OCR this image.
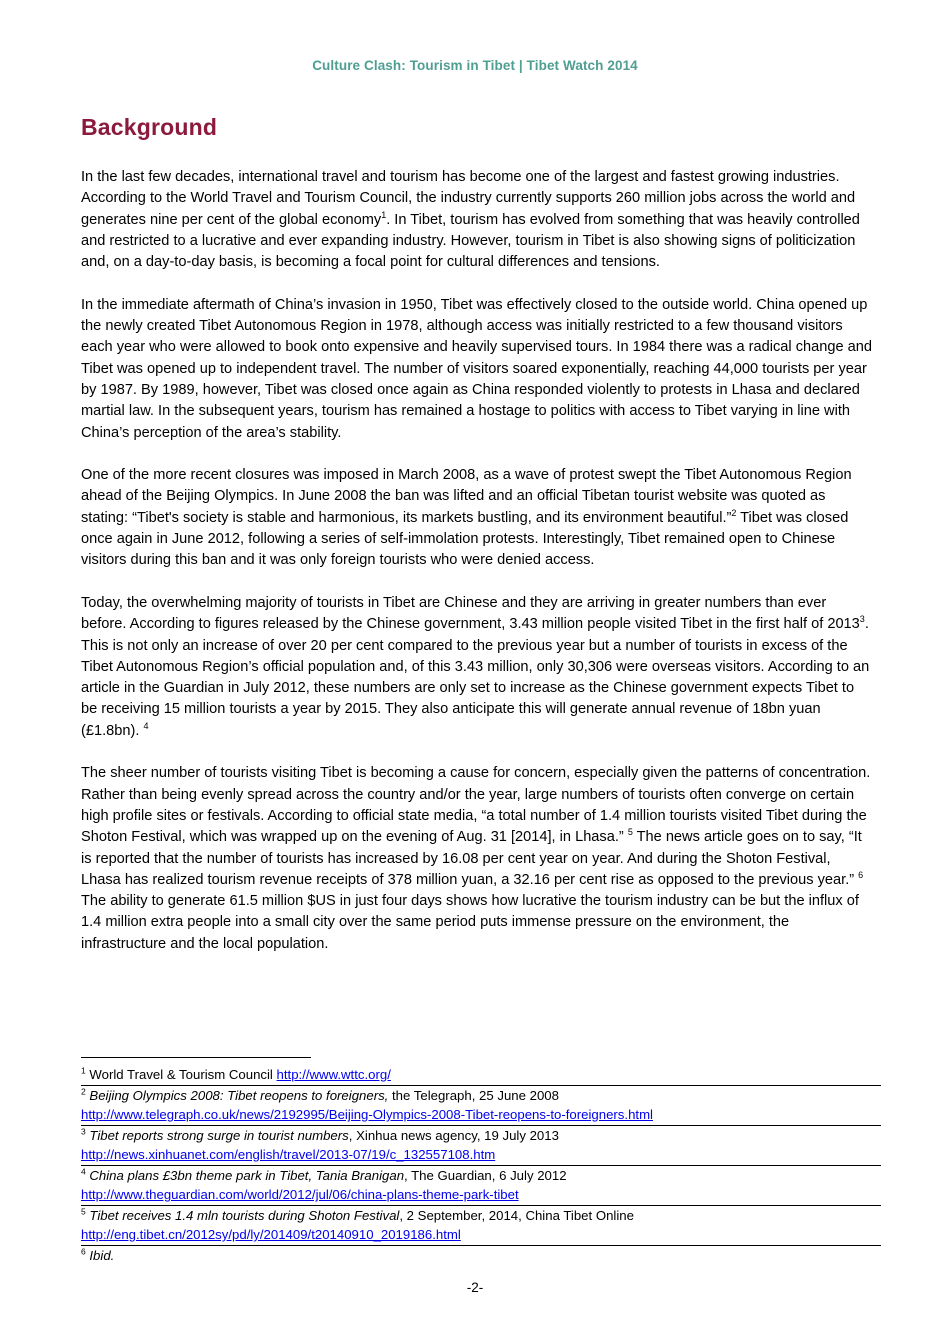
Culture Clash: Tourism in Tibet | Tibet Watch 2014
Background

In the last few decades, international travel and tourism has become one of the largest and fastest growing industries. According to the World Travel and Tourism Council, the industry currently supports 260 million jobs across the world and generates nine per cent of the global economy$^1$. In Tibet, tourism has evolved from something that was heavily controlled and restricted to a lucrative and ever expanding industry. However, tourism in Tibet is also showing signs of politicization and, on a day-to-day basis, is becoming a focal point for cultural differences and tensions.

In the immediate aftermath of China’s invasion in 1950, Tibet was effectively closed to the outside world. China opened up the newly created Tibet Autonomous Region in 1978, although access was initially restricted to a few thousand visitors each year who were allowed to book onto expensive and heavily supervised tours. In 1984 there was a radical change and Tibet was opened up to independent travel. The number of visitors soared exponentially, reaching 44,000 tourists per year by 1987. By 1989, however, Tibet was closed once again as China responded violently to protests in Lhasa and declared martial law. In the subsequent years, tourism has remained a hostage to politics with access to Tibet varying in line with China’s perception of the area’s stability.

One of the more recent closures was imposed in March 2008, as a wave of protest swept the Tibet Autonomous Region ahead of the Beijing Olympics. In June 2008 the ban was lifted and an official Tibetan tourist website was quoted as stating: “Tibet's society is stable and harmonious, its markets bustling, and its environment beautiful.”$^2$ Tibet was closed once again in June 2012, following a series of self-immolation protests. Interestingly, Tibet remained open to Chinese visitors during this ban and it was only foreign tourists who were denied access.

Today, the overwhelming majority of tourists in Tibet are Chinese and they are arriving in greater numbers than ever before. According to figures released by the Chinese government, 3.43 million people visited Tibet in the first half of 2013$^3$. This is not only an increase of over 20 per cent compared to the previous year but a number of tourists in excess of the Tibet Autonomous Region’s official population and, of this 3.43 million, only 30,306 were overseas visitors. According to an article in the Guardian in July 2012, these numbers are only set to increase as the Chinese government expects Tibet to be receiving 15 million tourists a year by 2015. They also anticipate this will generate annual revenue of 18bn yuan (£1.8bn). $^4$

The sheer number of tourists visiting Tibet is becoming a cause for concern, especially given the patterns of concentration. Rather than being evenly spread across the country and/or the year, large numbers of tourists often converge on certain high profile sites or festivals. According to official state media, “a total number of 1.4 million tourists visited Tibet during the Shoton Festival, which was wrapped up on the evening of Aug. 31 [2014], in Lhasa.” $^5$ The news article goes on to say, “It is reported that the number of tourists has increased by 16.08 per cent year on year. And during the Shoton Festival, Lhasa has realized tourism revenue receipts of 378 million yuan, a 32.16 per cent rise as opposed to the previous year.” $^6$ The ability to generate 61.5 million $US in just four days shows how lucrative the tourism industry can be but the influx of 1.4 million extra people into a small city over the same period puts immense pressure on the environment, the infrastructure and the local population.

$^1$ World Travel & Tourism Council http://www.wttc.org/
$^2$ Beijing Olympics 2008: Tibet reopens to foreigners, the Telegraph, 25 June 2008
http://www.telegraph.co.uk/news/2192995/Beijing-Olympics-2008-Tibet-reopens-to-foreigners.html
$^3$ Tibet reports strong surge in tourist numbers, Xinhua news agency, 19 July 2013
http://news.xinhuanet.com/english/travel/2013-07/19/c_132557108.htm
$^4$ China plans £3bn theme park in Tibet, Tania Branigan, The Guardian, 6 July 2012
http://www.theguardian.com/world/2012/jul/06/china-plans-theme-park-tibet
$^5$ Tibet receives 1.4 mln tourists during Shoton Festival, 2 September, 2014, China Tibet Online
http://eng.tibet.cn/2012sy/pd/ly/201409/t20140910_2019186.html
$^6$ Ibid.
-2-
